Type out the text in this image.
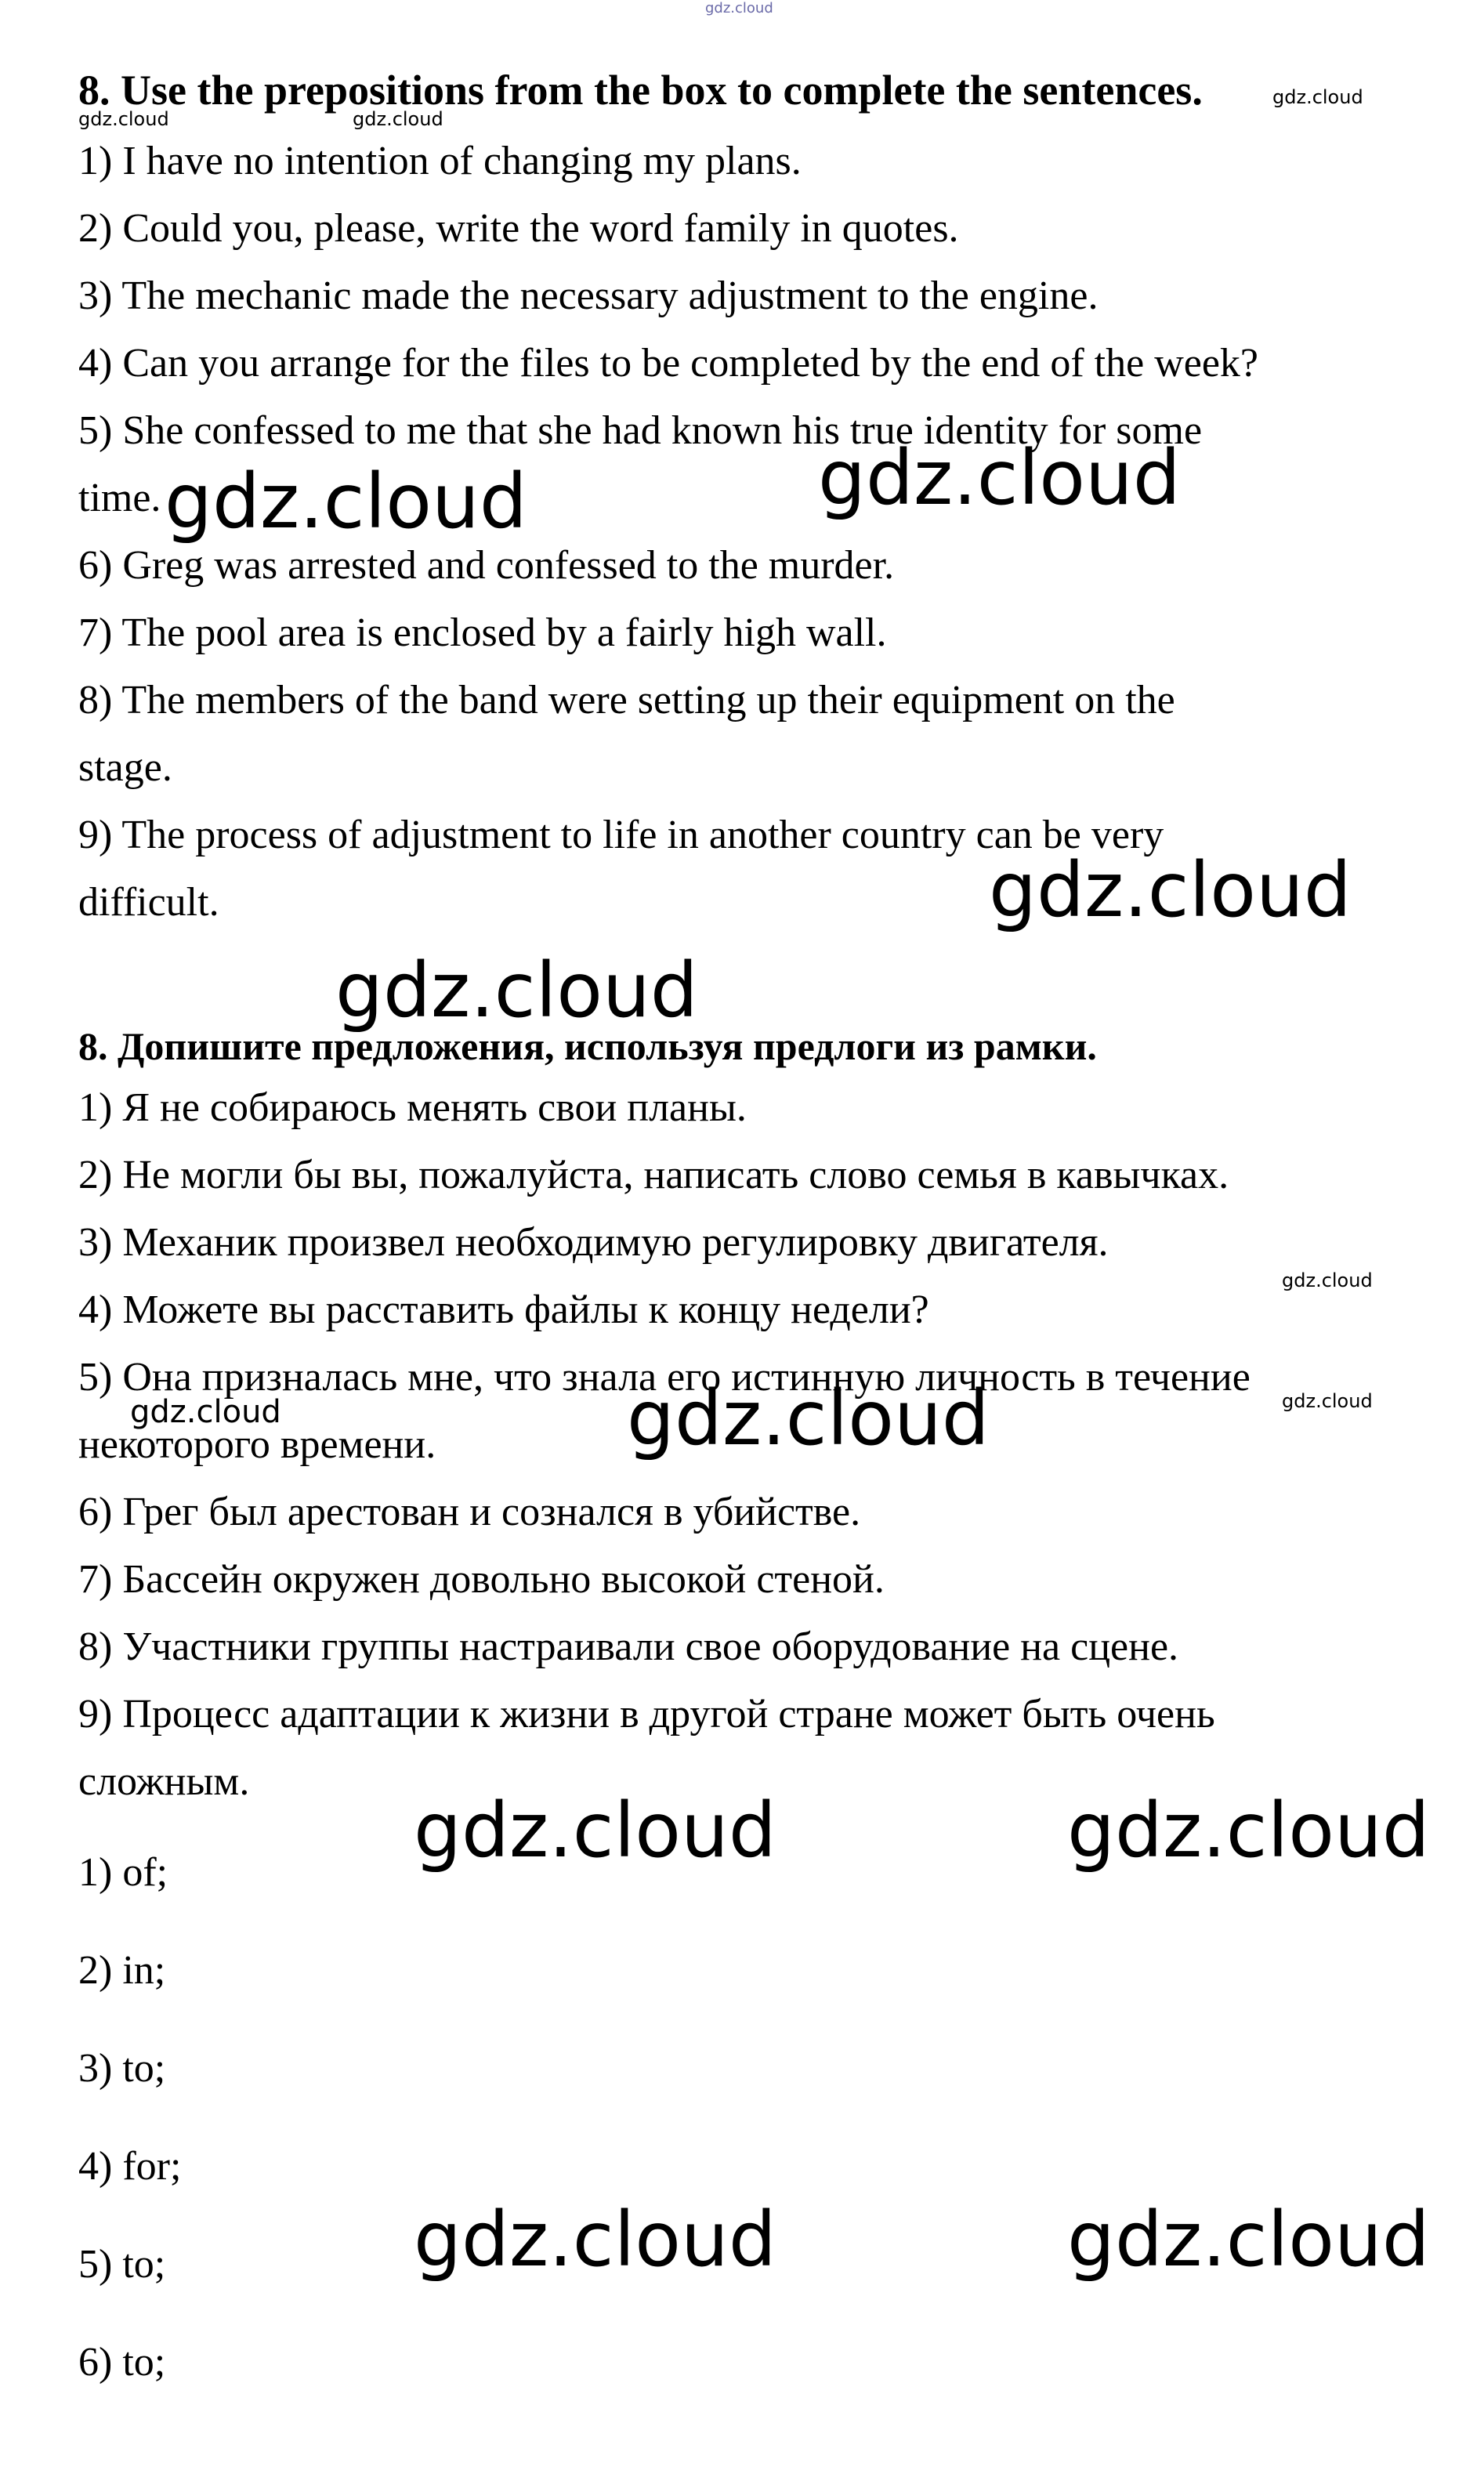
8. Use the prepositions from the box to complete the sentences.

1) I have no intention of changing my plans.

2) Could you, please, write the word family in quotes.

3) The mechanic made the necessary adjustment to the engine.

4) Can you arrange for the files to be completed by the end of the week?

5) She confessed to me that she had known his true identity for some

time.

6) Greg was arrested and confessed to the murder.

7) The pool area is enclosed by a fairly high wall.

8) The members of the band were setting up their equipment on the

stage.

9) The process of adjustment to life in another country can be very

difficult.

8. Допишите предложения, используя предлоги из рамки.

1) Я не собираюсь менять свои планы.

2) Не могли бы вы, пожалуйста, написать слово семья в кавычках.

3) Механик произвел необходимую регулировку двигателя.

4) Можете вы расставить файлы к концу недели?

5) Она призналась мне, что знала его истинную личность в течение

некоторого времени.

6) Грег был арестован и сознался в убийстве.

7) Бассейн окружен довольно высокой стеной.

8) Участники группы настраивали свое оборудование на сцене.

9) Процесс адаптации к жизни в другой стране может быть очень

сложным.

1) of;

2) in;

3) to;

4) for;

5) to;

6) to;

gdz.cloud
gdz.cloud
gdz.cloud	gdz.cloud
gdz.cloud	gdz.cloud
gdz.cloud
gdz.cloud
gdz.cloud
gdz.cloud
gdz.cloud	gdz.cloud
gdz.cloud	gdz.cloud
gdz.cloud	gdz.cloud
